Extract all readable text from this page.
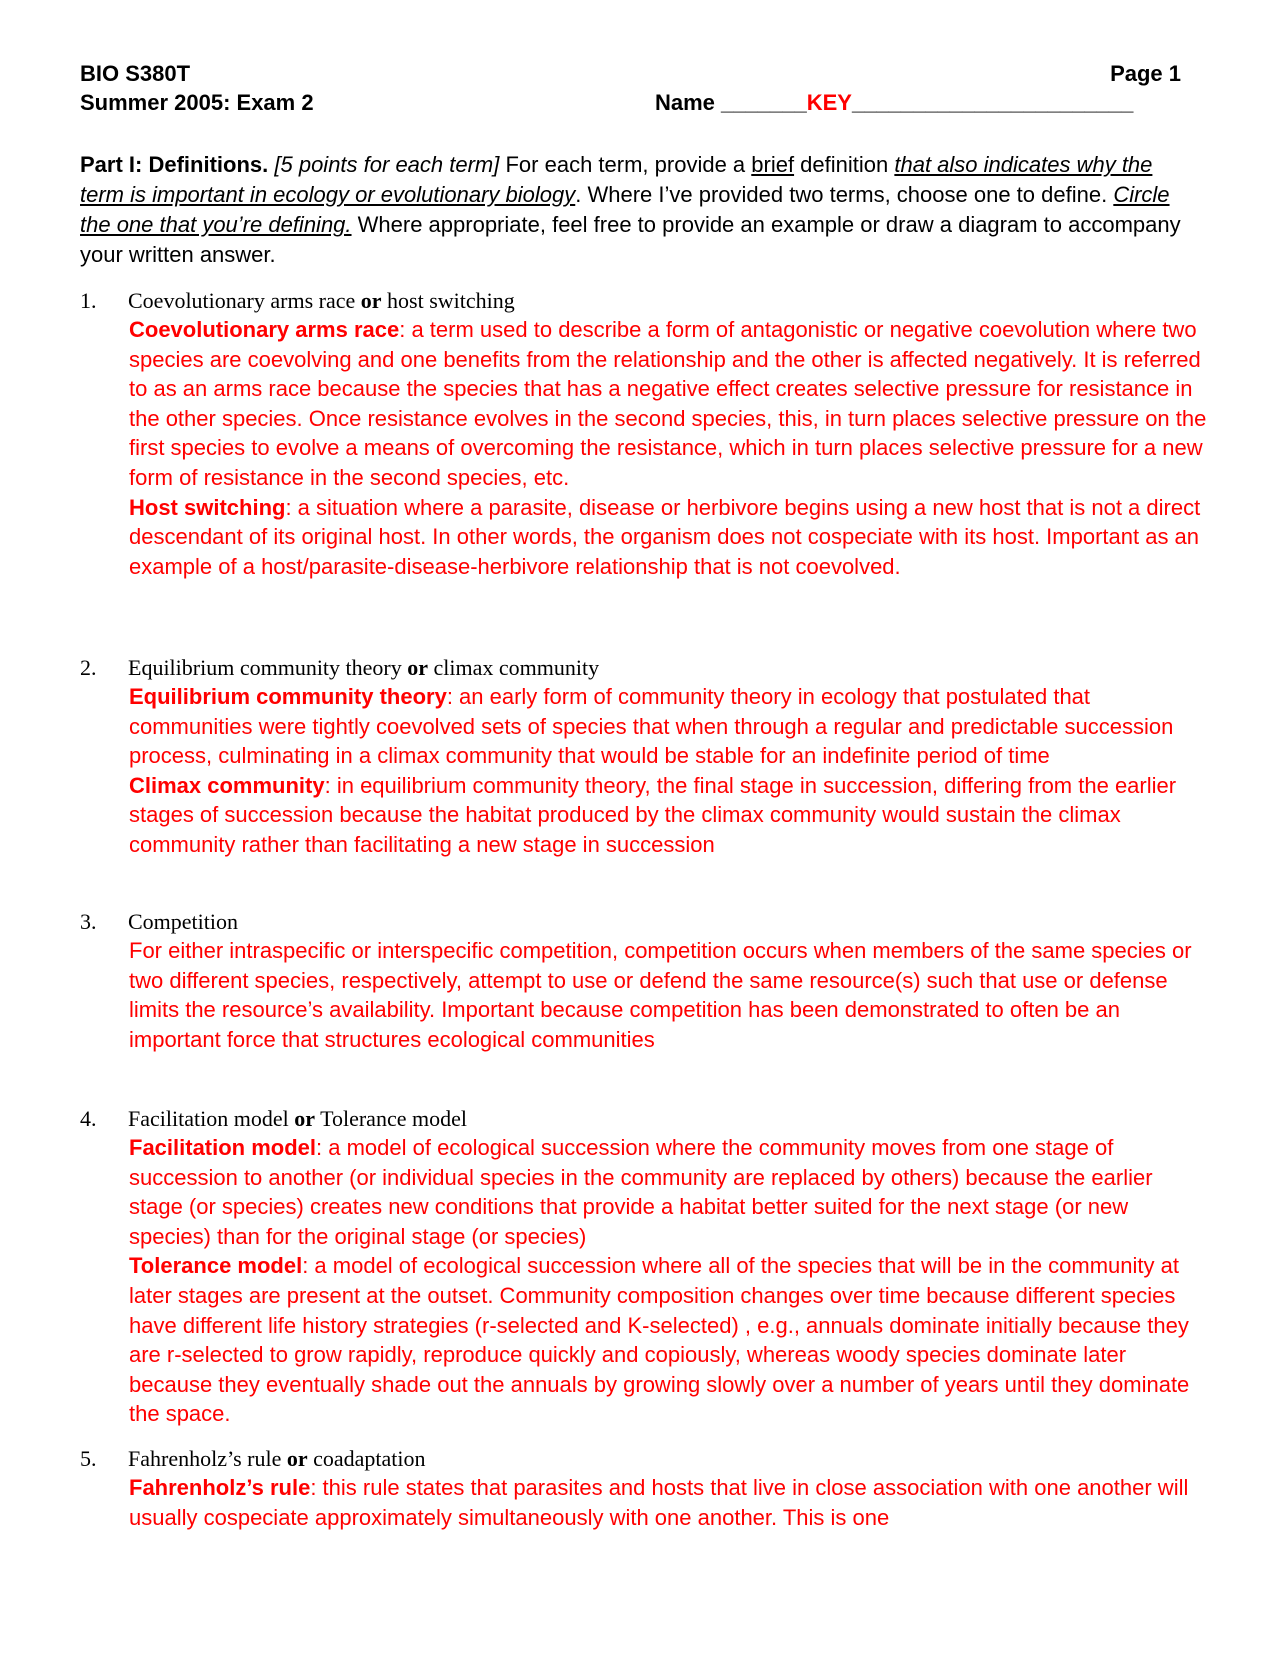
BIO S380T
Summer 2005: Exam 2
Page 1
Name _______KEY_______________________
Part I: Definitions. [5 points for each term] For each term, provide a brief definition that also indicates why the term is important in ecology or evolutionary biology. Where I’ve provided two terms, choose one to define. Circle the one that you’re defining. Where appropriate, feel free to provide an example or draw a diagram to accompany your written answer.
1. Coevolutionary arms race or host switching
Coevolutionary arms race: a term used to describe a form of antagonistic or negative coevolution where two species are coevolving and one benefits from the relationship and the other is affected negatively. It is referred to as an arms race because the species that has a negative effect creates selective pressure for resistance in the other species. Once resistance evolves in the second species, this, in turn places selective pressure on the first species to evolve a means of overcoming the resistance, which in turn places selective pressure for a new form of resistance in the second species, etc.
Host switching: a situation where a parasite, disease or herbivore begins using a new host that is not a direct descendant of its original host. In other words, the organism does not cospeciate with its host. Important as an example of a host/parasite-disease-herbivore relationship that is not coevolved.
2. Equilibrium community theory or climax community
Equilibrium community theory: an early form of community theory in ecology that postulated that communities were tightly coevolved sets of species that when through a regular and predictable succession process, culminating in a climax community that would be stable for an indefinite period of time
Climax community: in equilibrium community theory, the final stage in succession, differing from the earlier stages of succession because the habitat produced by the climax community would sustain the climax community rather than facilitating a new stage in succession
3. Competition
For either intraspecific or interspecific competition, competition occurs when members of the same species or two different species, respectively, attempt to use or defend the same resource(s) such that use or defense limits the resource’s availability. Important because competition has been demonstrated to often be an important force that structures ecological communities
4. Facilitation model or Tolerance model
Facilitation model: a model of ecological succession where the community moves from one stage of succession to another (or individual species in the community are replaced by others) because the earlier stage (or species) creates new conditions that provide a habitat better suited for the next stage (or new species) than for the original stage (or species)
Tolerance model: a model of ecological succession where all of the species that will be in the community at later stages are present at the outset. Community composition changes over time because different species have different life history strategies (r-selected and K-selected) , e.g., annuals dominate initially because they are r-selected to grow rapidly, reproduce quickly and copiously, whereas woody species dominate later because they eventually shade out the annuals by growing slowly over a number of years until they dominate the space.
5. Fahrenholz’s rule or coadaptation
Fahrenholz’s rule: this rule states that parasites and hosts that live in close association with one another will usually cospeciate approximately simultaneously with one another. This is one
